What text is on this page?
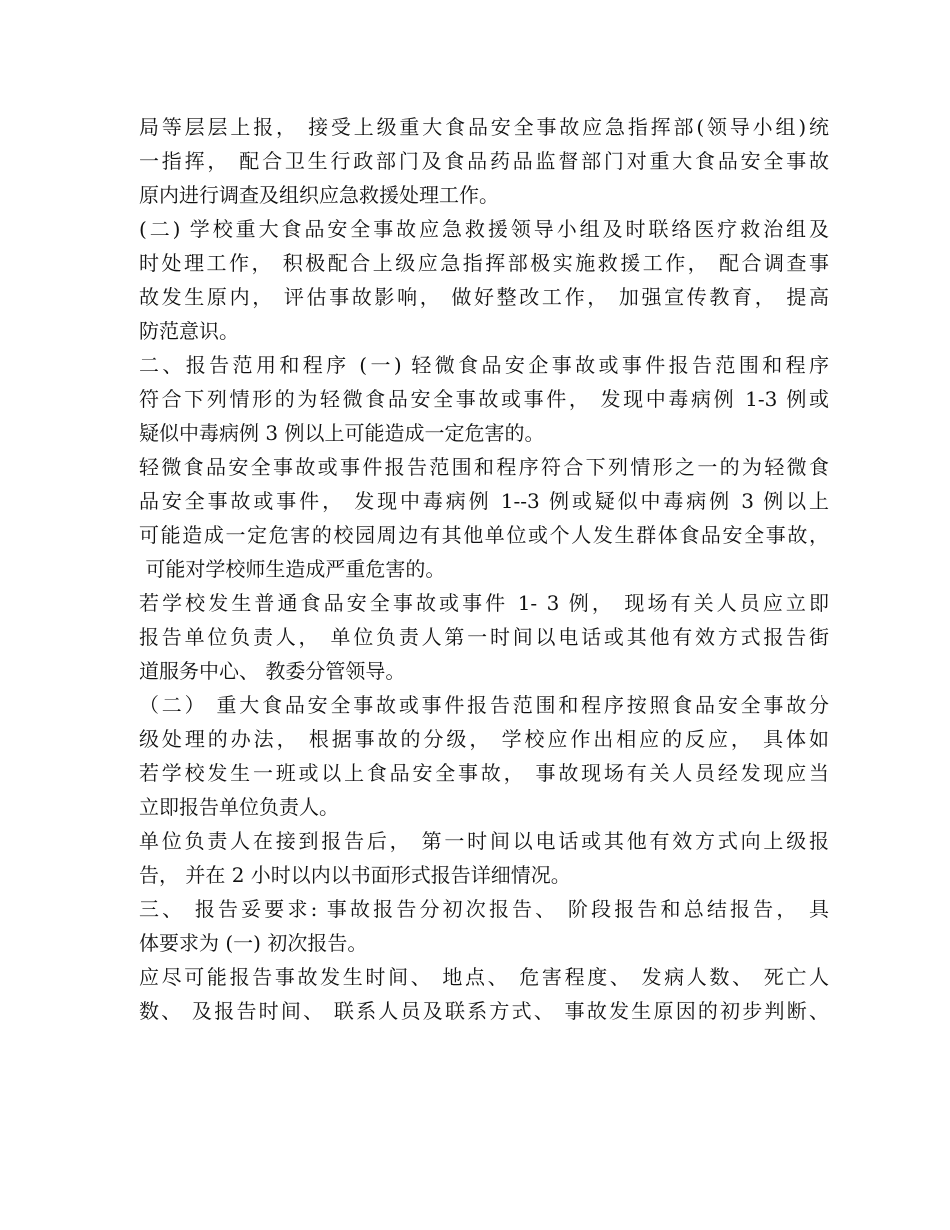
局等层层上报， 接受上级重大食品安全事故应急指挥部(领导小组)统
一指挥， 配合卫生行政部门及食品药品监督部门对重大食品安全事故
原内进行调查及组织应急救援处理工作。
(二) 学校重大食品安全事故应急救援领导小组及时联络医疗救治组及
时处理工作， 积极配合上级应急指挥部极实施救援工作， 配合调查事
故发生原内， 评估事故影响， 做好整改工作， 加强宣传教育， 提高
防范意识。
二、报告范用和程序 (一) 轻微食品安企事故或事件报告范围和程序
符合下列情形的为轻微食品安全事故或事件， 发现中毒病例 1-3 例或
疑似中毒病例 3 例以上可能造成一定危害的。
轻微食品安全事故或事件报告范围和程序符合下列情形之一的为轻微食
品安全事故或事件， 发现中毒病例 1--3 例或疑似中毒病例 3 例以上
可能造成一定危害的校园周边有其他单位或个人发生群体食品安全事故，
可能对学校师生造成严重危害的。
若学校发生普通食品安全事故或事件 1- 3 例， 现场有关人员应立即
报告单位负责人， 单位负责人第一时间以电话或其他有效方式报告街
道服务中心、 教委分管领导。
（二） 重大食品安全事故或事件报告范围和程序按照食品安全事故分
级处理的办法， 根据事故的分级， 学校应作出相应的反应， 具体如
若学校发生一班或以上食品安全事故， 事故现场有关人员经发现应当
立即报告单位负责人。
单位负责人在接到报告后， 第一时间以电话或其他有效方式向上级报
告， 并在 2 小时以内以书面形式报告详细情况。
三、 报告妥要求: 事故报告分初次报告、 阶段报告和总结报告， 具
体要求为 (一) 初次报告。
应尽可能报告事故发生时间、 地点、 危害程度、 发病人数、 死亡人
数、 及报告时间、 联系人员及联系方式、 事故发生原因的初步判断、
